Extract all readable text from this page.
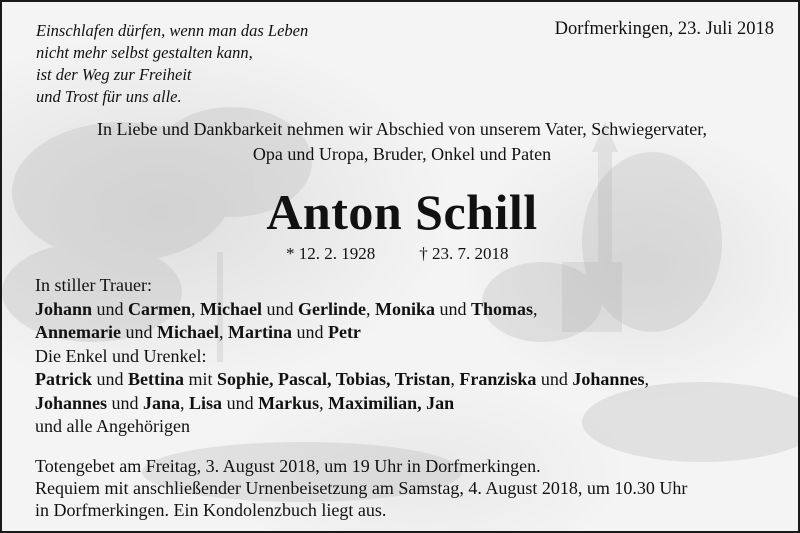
Einschlafen dürfen, wenn man das Leben
nicht mehr selbst gestalten kann,
ist der Weg zur Freiheit
und Trost für uns alle.
Dorfmerkingen, 23. Juli 2018
In Liebe und Dankbarkeit nehmen wir Abschied von unserem Vater, Schwiegervater,
Opa und Uropa, Bruder, Onkel und Paten
Anton Schill
* 12. 2. 1928	† 23. 7. 2018
In stiller Trauer:
Johann und Carmen, Michael und Gerlinde, Monika und Thomas,
Annemarie und Michael, Martina und Petr
Die Enkel und Urenkel:
Patrick und Bettina mit Sophie, Pascal, Tobias, Tristan, Franziska und Johannes,
Johannes und Jana, Lisa und Markus, Maximilian, Jan
und alle Angehörigen
Totengebet am Freitag, 3. August 2018, um 19 Uhr in Dorfmerkingen.
Requiem mit anschließender Urnenbeisetzung am Samstag, 4. August 2018, um 10.30 Uhr
in Dorfmerkingen. Ein Kondolenzbuch liegt aus.
